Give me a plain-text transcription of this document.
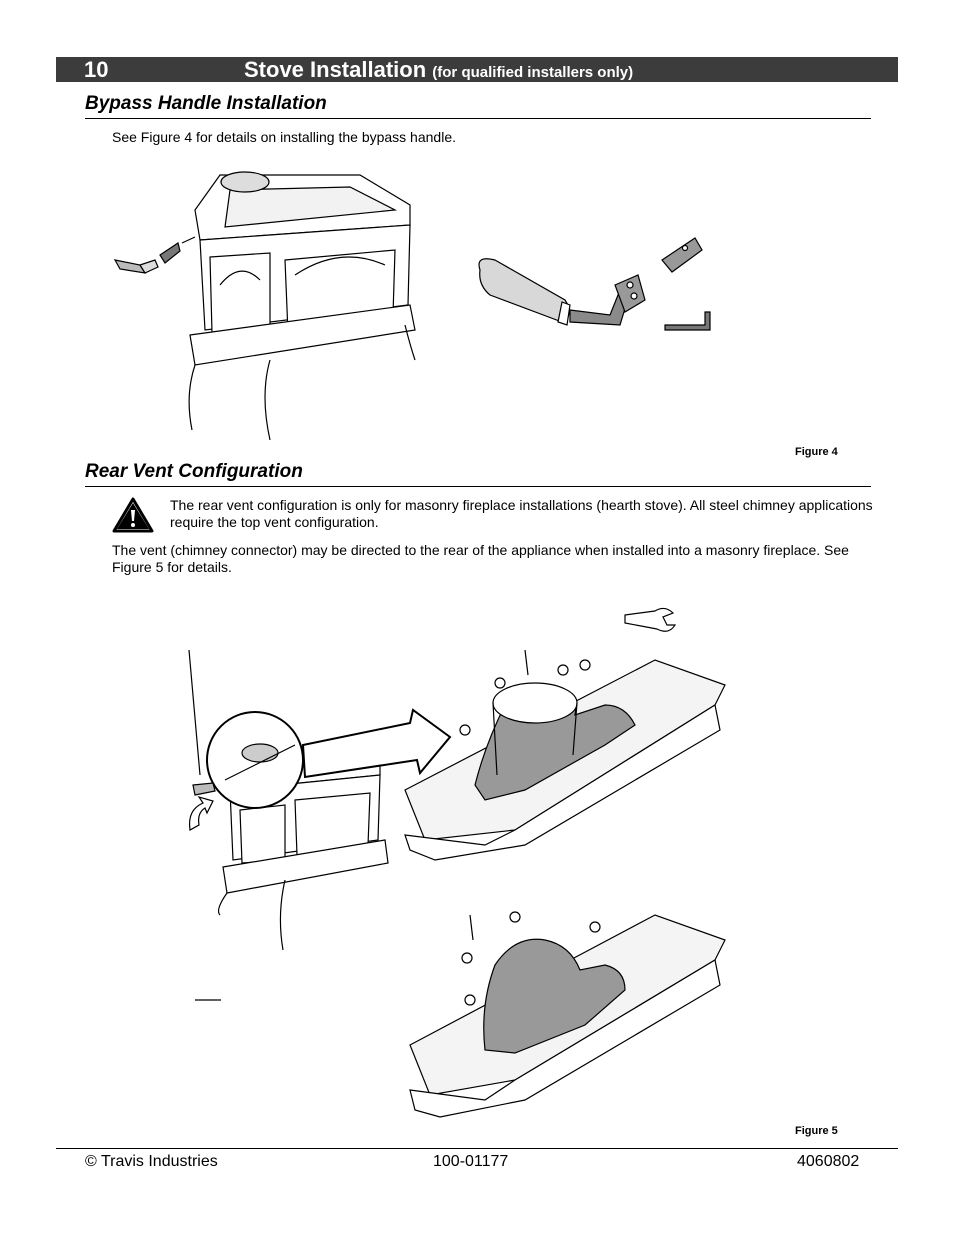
10	Stove Installation (for qualified installers only)
Bypass Handle Installation
See Figure 4 for details on installing the bypass handle.
Figure 4
Rear Vent Configuration
The rear vent configuration is only for masonry fireplace installations (hearth stove). All steel chimney applications require the top vent configuration.
The vent (chimney connector) may be directed to the rear of the appliance when installed into a masonry fireplace. See Figure 5 for details.
Figure 5
© Travis Industries	100-01177	4060802
